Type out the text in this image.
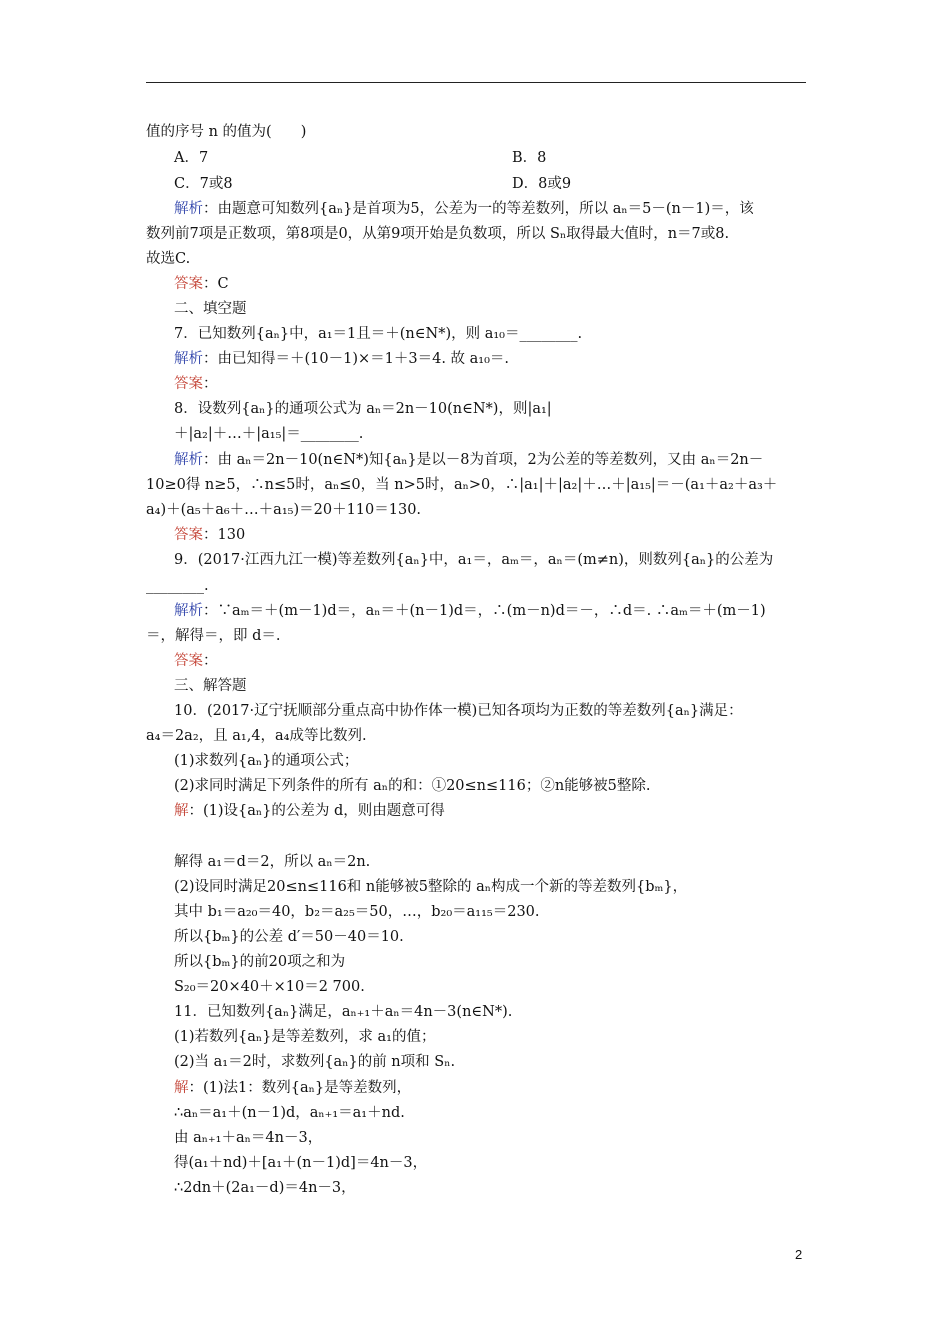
值的序号 n 的值为(　　)
A．7	B．8
C．7或8	D．8或9
解析：由题意可知数列{aₙ}是首项为5，公差为一的等差数列，所以 aₙ＝5－(n－1)＝，该
数列前7项是正数项，第8项是0，从第9项开始是负数项，所以 Sₙ取得最大值时，n＝7或8.
故选C.
答案：C
二、填空题
7．已知数列{aₙ}中，a₁＝1且＝＋(n∈N*)，则 a₁₀＝________.
解析：由已知得＝＋(10－1)×＝1＋3＝4. 故 a₁₀＝.
答案：
8．设数列{aₙ}的通项公式为 aₙ＝2n－10(n∈N*)，则|a₁|
＋|a₂|＋…＋|a₁₅|＝________.
解析：由 aₙ＝2n－10(n∈N*)知{aₙ}是以－8为首项，2为公差的等差数列，又由 aₙ＝2n－
10≥0得 n≥5，∴n≤5时，aₙ≤0，当 n>5时，aₙ>0，∴|a₁|＋|a₂|＋…＋|a₁₅|＝－(a₁＋a₂＋a₃＋
a₄)＋(a₅＋a₆＋…＋a₁₅)＝20＋110＝130.
答案：130
9．(2017·江西九江一模)等差数列{aₙ}中，a₁＝，aₘ＝，aₙ＝(m≠n)，则数列{aₙ}的公差为
________.
解析：∵aₘ＝＋(m－1)d＝，aₙ＝＋(n－1)d＝，∴(m－n)d＝－，∴d＝. ∴aₘ＝＋(m－1)
＝，解得＝，即 d＝.
答案：
三、解答题
10．(2017·辽宁抚顺部分重点高中协作体一模)已知各项均为正数的等差数列{aₙ}满足：
a₄＝2a₂，且 a₁,4，a₄成等比数列.
(1)求数列{aₙ}的通项公式；
(2)求同时满足下列条件的所有 aₙ的和：①20≤n≤116；②n能够被5整除.
解：(1)设{aₙ}的公差为 d，则由题意可得
解得 a₁＝d＝2，所以 aₙ＝2n.
(2)设同时满足20≤n≤116和 n能够被5整除的 aₙ构成一个新的等差数列{bₘ}，
其中 b₁＝a₂₀＝40，b₂＝a₂₅＝50，…，b₂₀＝a₁₁₅＝230.
所以{bₘ}的公差 d′＝50－40＝10.
所以{bₘ}的前20项之和为
S₂₀＝20×40＋×10＝2 700.
11．已知数列{aₙ}满足，aₙ₊₁＋aₙ＝4n－3(n∈N*).
(1)若数列{aₙ}是等差数列，求 a₁的值；
(2)当 a₁＝2时，求数列{aₙ}的前 n项和 Sₙ.
解：(1)法1：数列{aₙ}是等差数列，
∴aₙ＝a₁＋(n－1)d，aₙ₊₁＝a₁＋nd.
由 aₙ₊₁＋aₙ＝4n－3，
得(a₁＋nd)＋[a₁＋(n－1)d]＝4n－3，
∴2dn＋(2a₁－d)＝4n－3，
2
